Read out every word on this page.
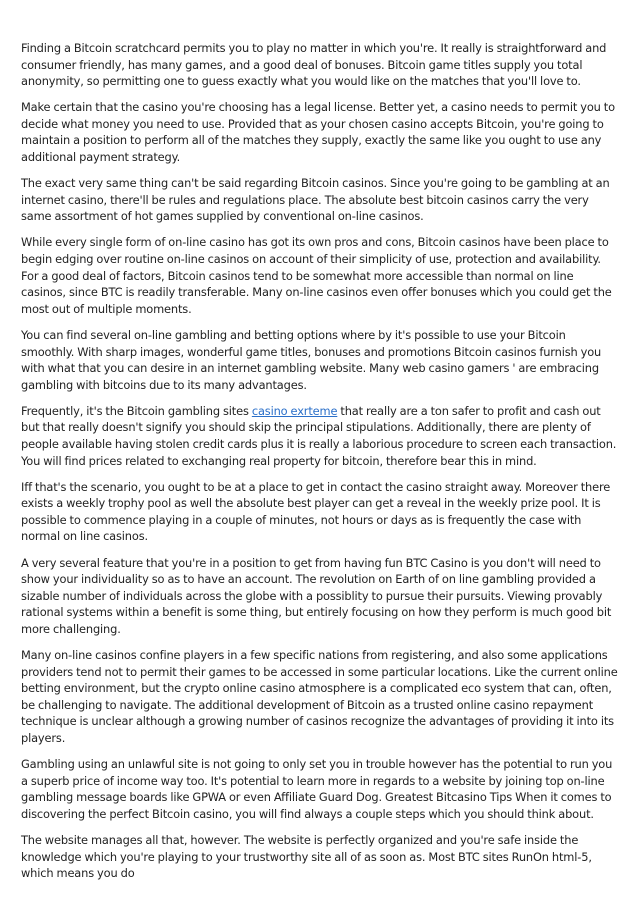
Finding a Bitcoin scratchcard permits you to play no matter in which you're. It really is straightforward and consumer friendly, has many games, and a good deal of bonuses. Bitcoin game titles supply you total anonymity, so permitting one to guess exactly what you would like on the matches that you'll love to.

Make certain that the casino you're choosing has a legal license. Better yet, a casino needs to permit you to decide what money you need to use. Provided that as your chosen casino accepts Bitcoin, you're going to maintain a position to perform all of the matches they supply, exactly the same like you ought to use any additional payment strategy.

The exact very same thing can't be said regarding Bitcoin casinos. Since you're going to be gambling at an internet casino, there'll be rules and regulations place. The absolute best bitcoin casinos carry the very same assortment of hot games supplied by conventional on-line casinos.

While every single form of on-line casino has got its own pros and cons, Bitcoin casinos have been place to begin edging over routine on-line casinos on account of their simplicity of use, protection and availability. For a good deal of factors, Bitcoin casinos tend to be somewhat more accessible than normal on line casinos, since BTC is readily transferable. Many on-line casinos even offer bonuses which you could get the most out of multiple moments.

You can find several on-line gambling and betting options where by it's possible to use your Bitcoin smoothly. With sharp images, wonderful game titles, bonuses and promotions Bitcoin casinos furnish you with what that you can desire in an internet gambling website. Many web casino gamers ' are embracing gambling with bitcoins due to its many advantages.

Frequently, it's the Bitcoin gambling sites casino exrteme that really are a ton safer to profit and cash out but that really doesn't signify you should skip the principal stipulations. Additionally, there are plenty of people available having stolen credit cards plus it is really a laborious procedure to screen each transaction. You will find prices related to exchanging real property for bitcoin, therefore bear this in mind.

Iff that's the scenario, you ought to be at a place to get in contact the casino straight away. Moreover there exists a weekly trophy pool as well the absolute best player can get a reveal in the weekly prize pool. It is possible to commence playing in a couple of minutes, not hours or days as is frequently the case with normal on line casinos.

A very several feature that you're in a position to get from having fun BTC Casino is you don't will need to show your individuality so as to have an account. The revolution on Earth of on line gambling provided a sizable number of individuals across the globe with a possiblity to pursue their pursuits. Viewing provably rational systems within a benefit is some thing, but entirely focusing on how they perform is much good bit more challenging.

Many on-line casinos confine players in a few specific nations from registering, and also some applications providers tend not to permit their games to be accessed in some particular locations. Like the current online betting environment, but the crypto online casino atmosphere is a complicated eco system that can, often, be challenging to navigate. The additional development of Bitcoin as a trusted online casino repayment technique is unclear although a growing number of casinos recognize the advantages of providing it into its players.

Gambling using an unlawful site is not going to only set you in trouble however has the potential to run you a superb price of income way too. It's potential to learn more in regards to a website by joining top on-line gambling message boards like GPWA or even Affiliate Guard Dog. Greatest Bitcasino Tips When it comes to discovering the perfect Bitcoin casino, you will find always a couple steps which you should think about.

The website manages all that, however. The website is perfectly organized and you're safe inside the knowledge which you're playing to your trustworthy site all of as soon as. Most BTC sites RunOn html-5, which means you do
